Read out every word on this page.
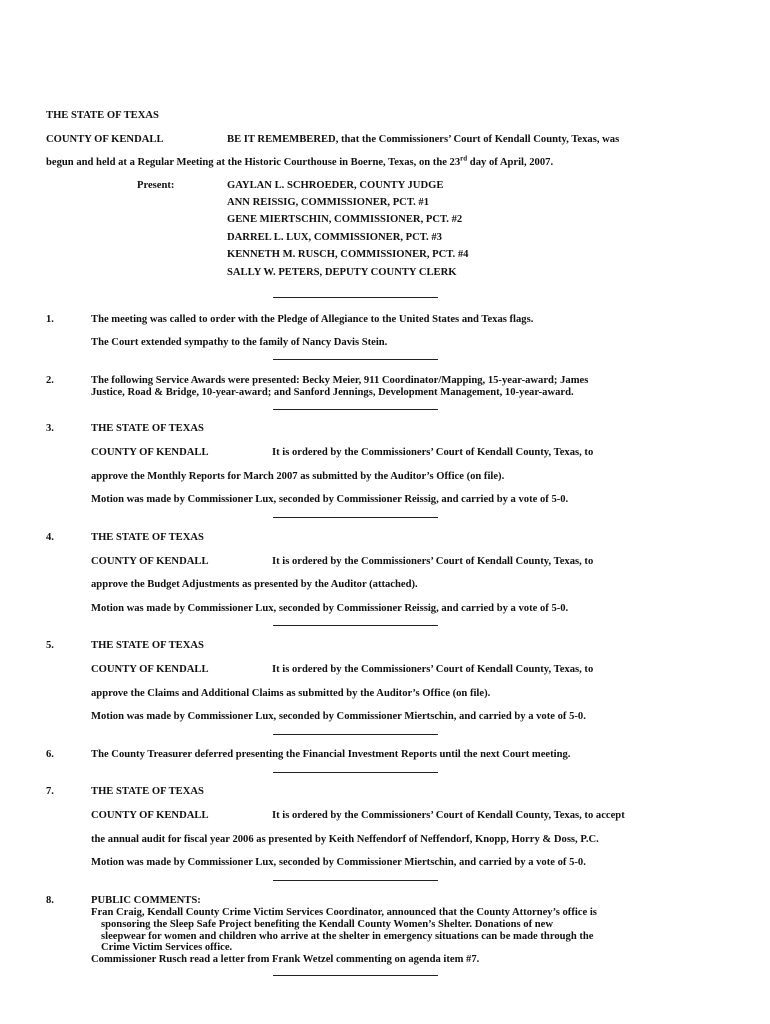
THE STATE OF TEXAS
COUNTY OF KENDALL	BE IT REMEMBERED, that the Commissioners’ Court of Kendall County, Texas, was
begun and held at a Regular Meeting at the Historic Courthouse in Boerne, Texas, on the 23rd day of April, 2007.
Present:	GAYLAN L. SCHROEDER, COUNTY JUDGE
ANN REISSIG, COMMISSIONER, PCT. #1
GENE MIERTSCHIN, COMMISSIONER, PCT. #2
DARREL L. LUX, COMMISSIONER, PCT. #3
KENNETH M. RUSCH, COMMISSIONER, PCT. #4
SALLY W. PETERS, DEPUTY COUNTY CLERK
1.	The meeting was called to order with the Pledge of Allegiance to the United States and Texas flags.
The Court extended sympathy to the family of Nancy Davis Stein.
2.	The following Service Awards were presented: Becky Meier, 911 Coordinator/Mapping, 15-year-award; James
Justice, Road & Bridge, 10-year-award; and Sanford Jennings, Development Management, 10-year-award.
3.	THE STATE OF TEXAS
COUNTY OF KENDALL	It is ordered by the Commissioners’ Court of Kendall County, Texas, to
approve the Monthly Reports for March 2007 as submitted by the Auditor’s Office (on file).
Motion was made by Commissioner Lux, seconded by Commissioner Reissig, and carried by a vote of 5-0.
4.	THE STATE OF TEXAS
COUNTY OF KENDALL	It is ordered by the Commissioners’ Court of Kendall County, Texas, to
approve the Budget Adjustments as presented by the Auditor (attached).
Motion was made by Commissioner Lux, seconded by Commissioner Reissig, and carried by a vote of 5-0.
5.	THE STATE OF TEXAS
COUNTY OF KENDALL	It is ordered by the Commissioners’ Court of Kendall County, Texas, to
approve the Claims and Additional Claims as submitted by the Auditor’s Office (on file).
Motion was made by Commissioner Lux, seconded by Commissioner Miertschin, and carried by a vote of 5-0.
6.	The County Treasurer deferred presenting the Financial Investment Reports until the next Court meeting.
7.	THE STATE OF TEXAS
COUNTY OF KENDALL	It is ordered by the Commissioners’ Court of Kendall County, Texas, to accept
the annual audit for fiscal year 2006 as presented by Keith Neffendorf of Neffendorf, Knopp, Horry & Doss, P.C.
Motion was made by Commissioner Lux, seconded by Commissioner Miertschin, and carried by a vote of 5-0.
8.	PUBLIC COMMENTS:
Fran Craig, Kendall County Crime Victim Services Coordinator, announced that the County Attorney’s office is
sponsoring the Sleep Safe Project benefiting the Kendall County Women’s Shelter. Donations of new
sleepwear for women and children who arrive at the shelter in emergency situations can be made through the
Crime Victim Services office.
Commissioner Rusch read a letter from Frank Wetzel commenting on agenda item #7.
